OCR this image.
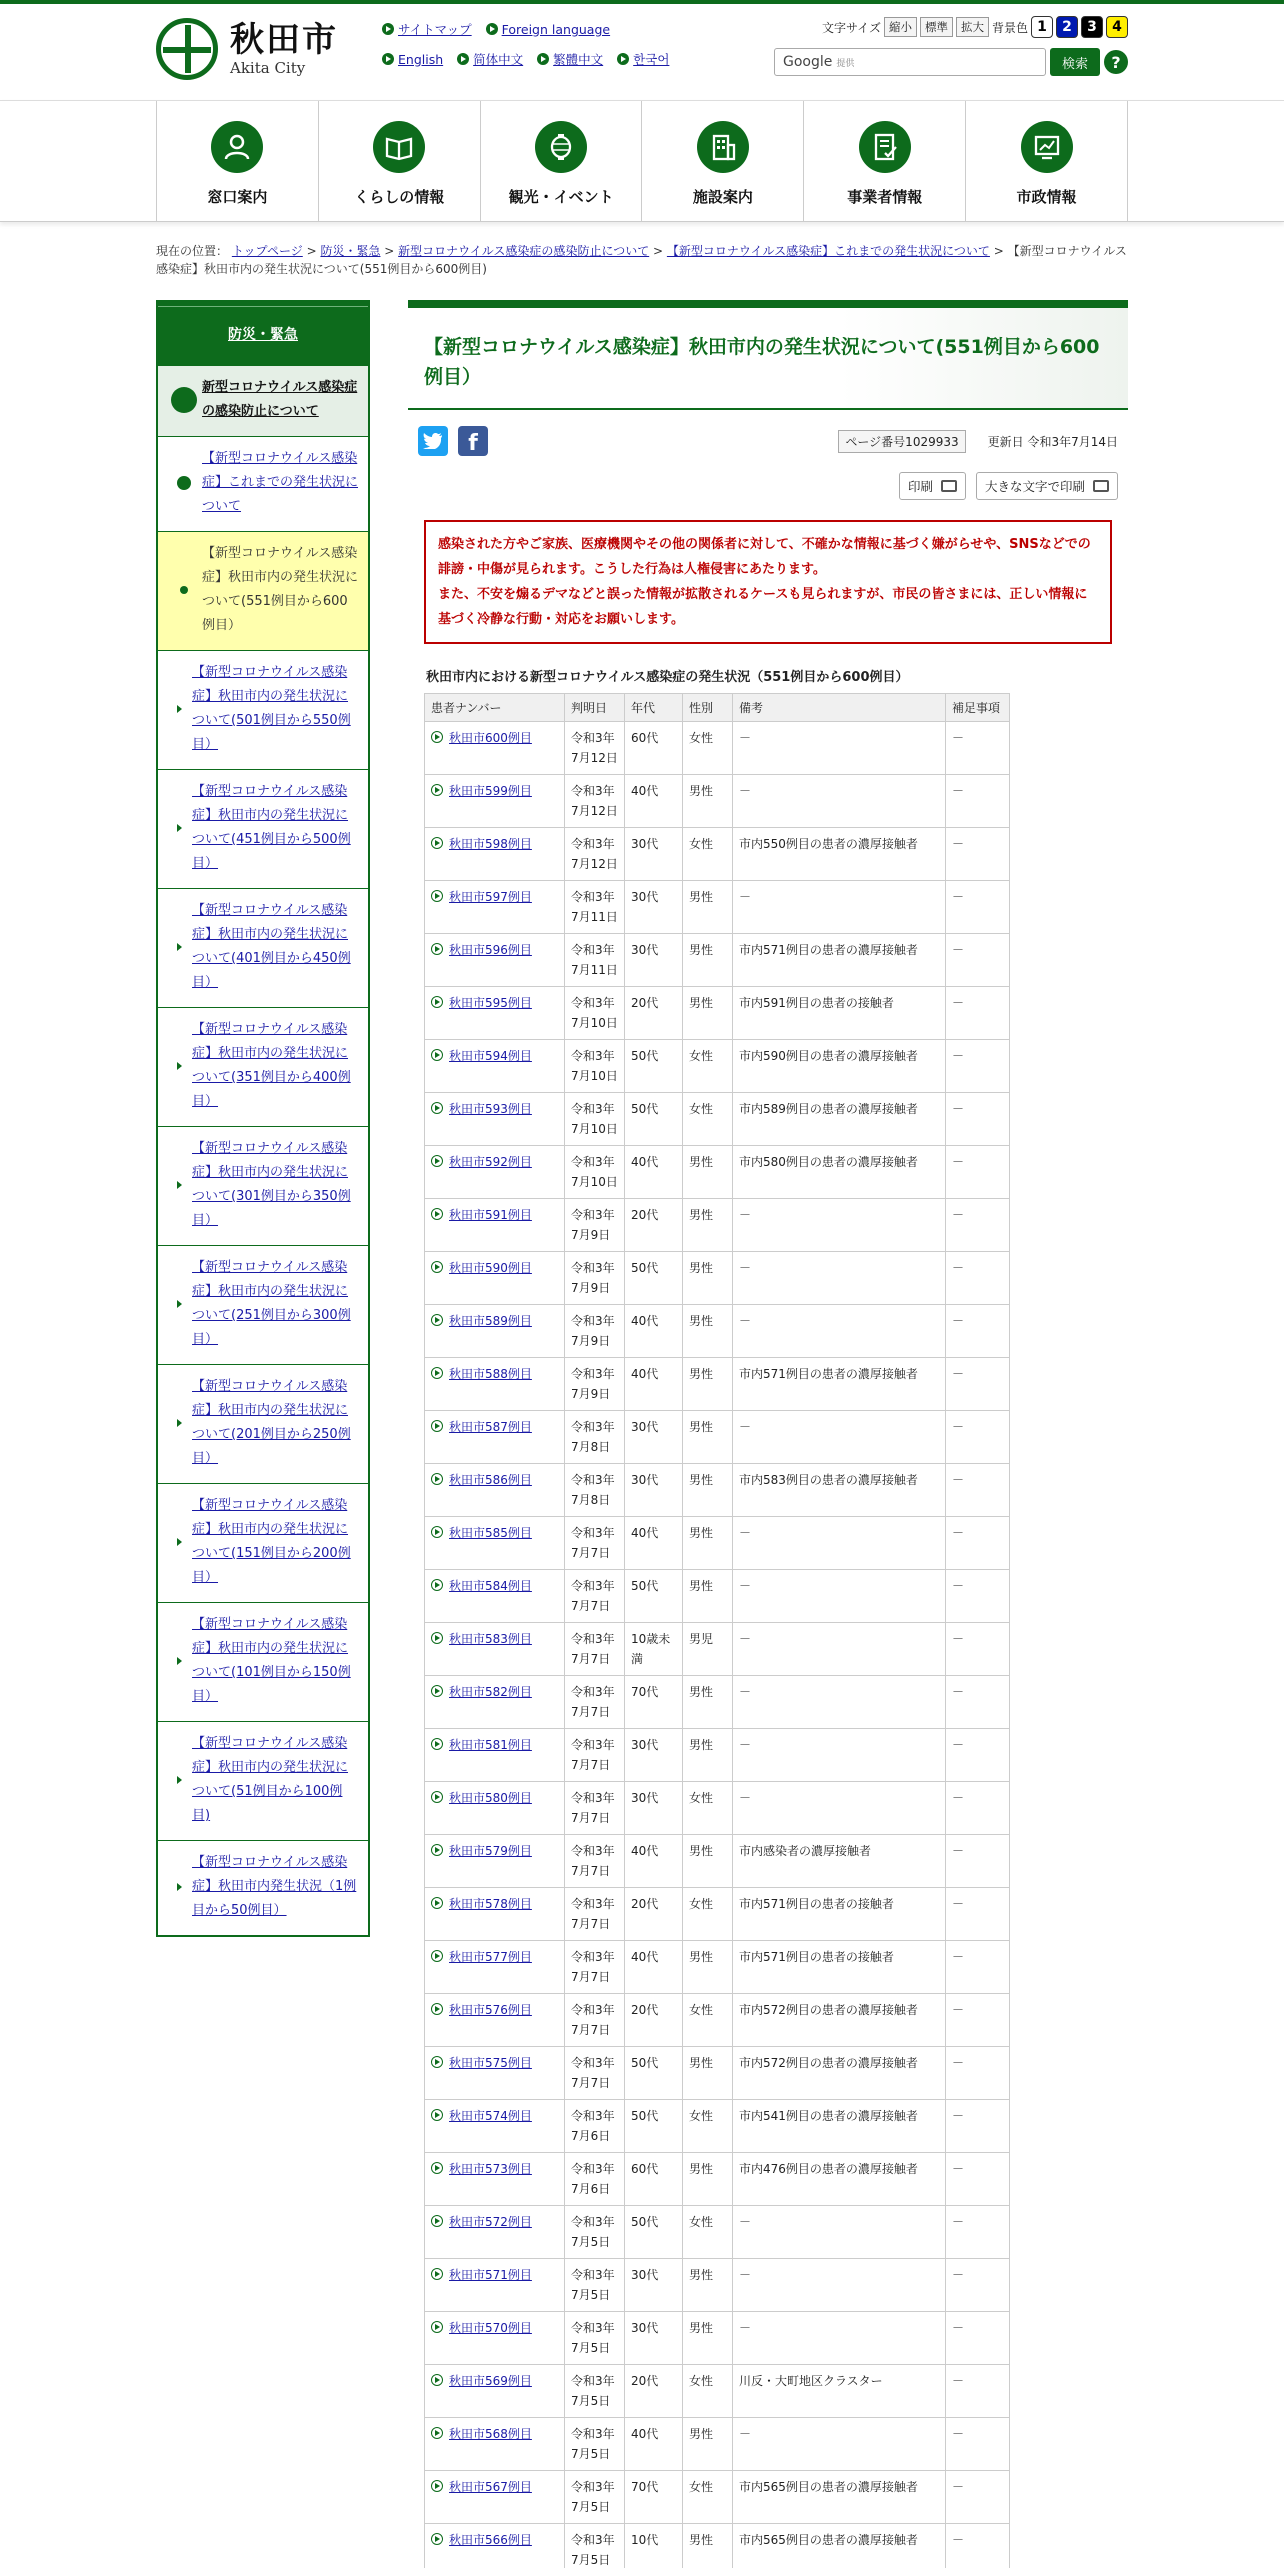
秋田市
Akita City
サイトマップ Foreign language
English 简体中文 繁體中文 한국어
文字サイズ 縮小	標準	拡大 背景色 1	2	3	4
Google 提供	検索	?
窓口案内	くらしの情報	観光・イベント	施設案内	事業者情報	市政情報
現在の位置： トップページ > 防災・緊急 > 新型コロナウイルス感染症の感染防止について > 【新型コロナウイルス感染症】これまでの発生状況について > 【新型コロナウイルス感染症】秋田市内の発生状況について(551例目から600例目)
防災・緊急
新型コロナウイルス感染症の感染防止について
【新型コロナウイルス感染症】これまでの発生状況について
【新型コロナウイルス感染症】秋田市内の発生状況について(551例目から600例目）
【新型コロナウイルス感染症】秋田市内の発生状況について(501例目から550例目）
【新型コロナウイルス感染症】秋田市内の発生状況について(451例目から500例目）
【新型コロナウイルス感染症】秋田市内の発生状況について(401例目から450例目）
【新型コロナウイルス感染症】秋田市内の発生状況について(351例目から400例目）
【新型コロナウイルス感染症】秋田市内の発生状況について(301例目から350例目）
【新型コロナウイルス感染症】秋田市内の発生状況について(251例目から300例目）
【新型コロナウイルス感染症】秋田市内の発生状況について(201例目から250例目）
【新型コロナウイルス感染症】秋田市内の発生状況について(151例目から200例目）
【新型コロナウイルス感染症】秋田市内の発生状況について(101例目から150例目）
【新型コロナウイルス感染症】秋田市内の発生状況について(51例目から100例目)
【新型コロナウイルス感染症】秋田市内発生状況（1例目から50例目）
【新型コロナウイルス感染症】秋田市内の発生状況について(551例目から600例目）
f	ページ番号1029933	更新日 令和3年7月14日
印刷	大きな文字で印刷

感染された方やご家族、医療機関やその他の関係者に対して、不確かな情報に基づく嫌がらせや、SNSなどでの誹謗・中傷が見られます。こうした行為は人権侵害にあたります。

また、不安を煽るデマなどと誤った情報が拡散されるケースも見られますが、市民の皆さまには、正しい情報に基づく冷静な行動・対応をお願いします。

秋田市内における新型コロナウイルス感染症の発生状況（551例目から600例目）
患者ナンバー	判明日	年代	性別	備考	補足事項

秋田市600例目	令和3年7月12日	60代	女性	－	－

秋田市599例目	令和3年7月12日	40代	男性	－	－

秋田市598例目	令和3年7月12日	30代	女性	市内550例目の患者の濃厚接触者	－

秋田市597例目	令和3年7月11日	30代	男性	－	－

秋田市596例目	令和3年7月11日	30代	男性	市内571例目の患者の濃厚接触者	－

秋田市595例目	令和3年7月10日	20代	男性	市内591例目の患者の接触者	－

秋田市594例目	令和3年7月10日	50代	女性	市内590例目の患者の濃厚接触者	－

秋田市593例目	令和3年7月10日	50代	女性	市内589例目の患者の濃厚接触者	－

秋田市592例目	令和3年7月10日	40代	男性	市内580例目の患者の濃厚接触者	－

秋田市591例目	令和3年7月9日	20代	男性	－	－

秋田市590例目	令和3年7月9日	50代	男性	－	－

秋田市589例目	令和3年7月9日	40代	男性	－	－

秋田市588例目	令和3年7月9日	40代	男性	市内571例目の患者の濃厚接触者	－

秋田市587例目	令和3年7月8日	30代	男性	－	－

秋田市586例目	令和3年7月8日	30代	男性	市内583例目の患者の濃厚接触者	－

秋田市585例目	令和3年7月7日	40代	男性	－	－

秋田市584例目	令和3年7月7日	50代	男性	－	－

秋田市583例目	令和3年7月7日	10歳未満	男児	－	－

秋田市582例目	令和3年7月7日	70代	男性	－	－

秋田市581例目	令和3年7月7日	30代	男性	－	－

秋田市580例目	令和3年7月7日	30代	女性	－	－

秋田市579例目	令和3年7月7日	40代	男性	市内感染者の濃厚接触者	－

秋田市578例目	令和3年7月7日	20代	女性	市内571例目の患者の接触者	－

秋田市577例目	令和3年7月7日	40代	男性	市内571例目の患者の接触者	－

秋田市576例目	令和3年7月7日	20代	女性	市内572例目の患者の濃厚接触者	－

秋田市575例目	令和3年7月7日	50代	男性	市内572例目の患者の濃厚接触者	－

秋田市574例目	令和3年7月6日	50代	女性	市内541例目の患者の濃厚接触者	－

秋田市573例目	令和3年7月6日	60代	男性	市内476例目の患者の濃厚接触者	－

秋田市572例目	令和3年7月5日	50代	女性	－	－

秋田市571例目	令和3年7月5日	30代	男性	－	－

秋田市570例目	令和3年7月5日	30代	男性	－	－

秋田市569例目	令和3年7月5日	20代	女性	川反・大町地区クラスター	－

秋田市568例目	令和3年7月5日	40代	男性	－	－

秋田市567例目	令和3年7月5日	70代	女性	市内565例目の患者の濃厚接触者	－

秋田市566例目	令和3年7月5日	10代	男性	市内565例目の患者の濃厚接触者	－
